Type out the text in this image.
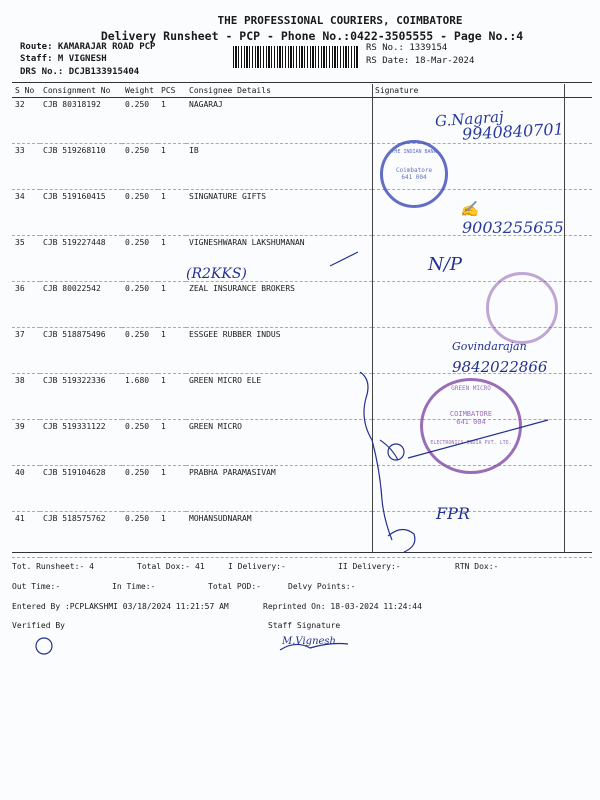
THE PROFESSIONAL COURIERS, COIMBATORE
Delivery Runsheet - PCP - Phone No.:0422-3505555 - Page No.:4
Route: KAMARAJAR ROAD PCP
Staff: M VIGNESH
DRS No.: DCJB133915404
RS No.: 1339154
RS Date: 18-Mar-2024
S No	Consignment No	Weight	PCS	Consignee Details	Signature
32	CJB 80318192	0.250	1	NAGARAJ	
33	CJB 519268110	0.250	1	IB	
34	CJB 519160415	0.250	1	SINGNATURE GIFTS	
35	CJB 519227448	0.250	1	VIGNESHWARAN LAKSHUMANAN	
36	CJB 80022542	0.250	1	ZEAL INSURANCE BROKERS	
37	CJB 518875496	0.250	1	ESSGEE RUBBER INDUS	
38	CJB 519322336	1.680	1	GREEN MICRO ELE	
39	CJB 519331122	0.250	1	GREEN MICRO	
40	CJB 519104628	0.250	1	PRABHA PARAMASIVAM	
41	CJB 518575762	0.250	1	MOHANSUDNARAM	
Tot. Runsheet:- 4	Total Dox:- 41	I Delivery:-	II Delivery:-	RTN Dox:-
Out Time:-	In Time:-	Total POD:-	Delvy Points:-
Entered By :PCPLAKSHMI 03/18/2024 11:21:57 AM	Reprinted On: 18-03-2024 11:24:44
Verified By	Staff Signature
G.Nagraj
9940840701
THE INDIAN BANK
Coimbatore
641 004
✍
9003255655
(R2KKS)	N/P
Govindarajan
9842022866
GREEN MICRO
COIMBATORE
641 004
ELECTRONICS INDIA PVT. LTD.
FPR
M.Vignesh
